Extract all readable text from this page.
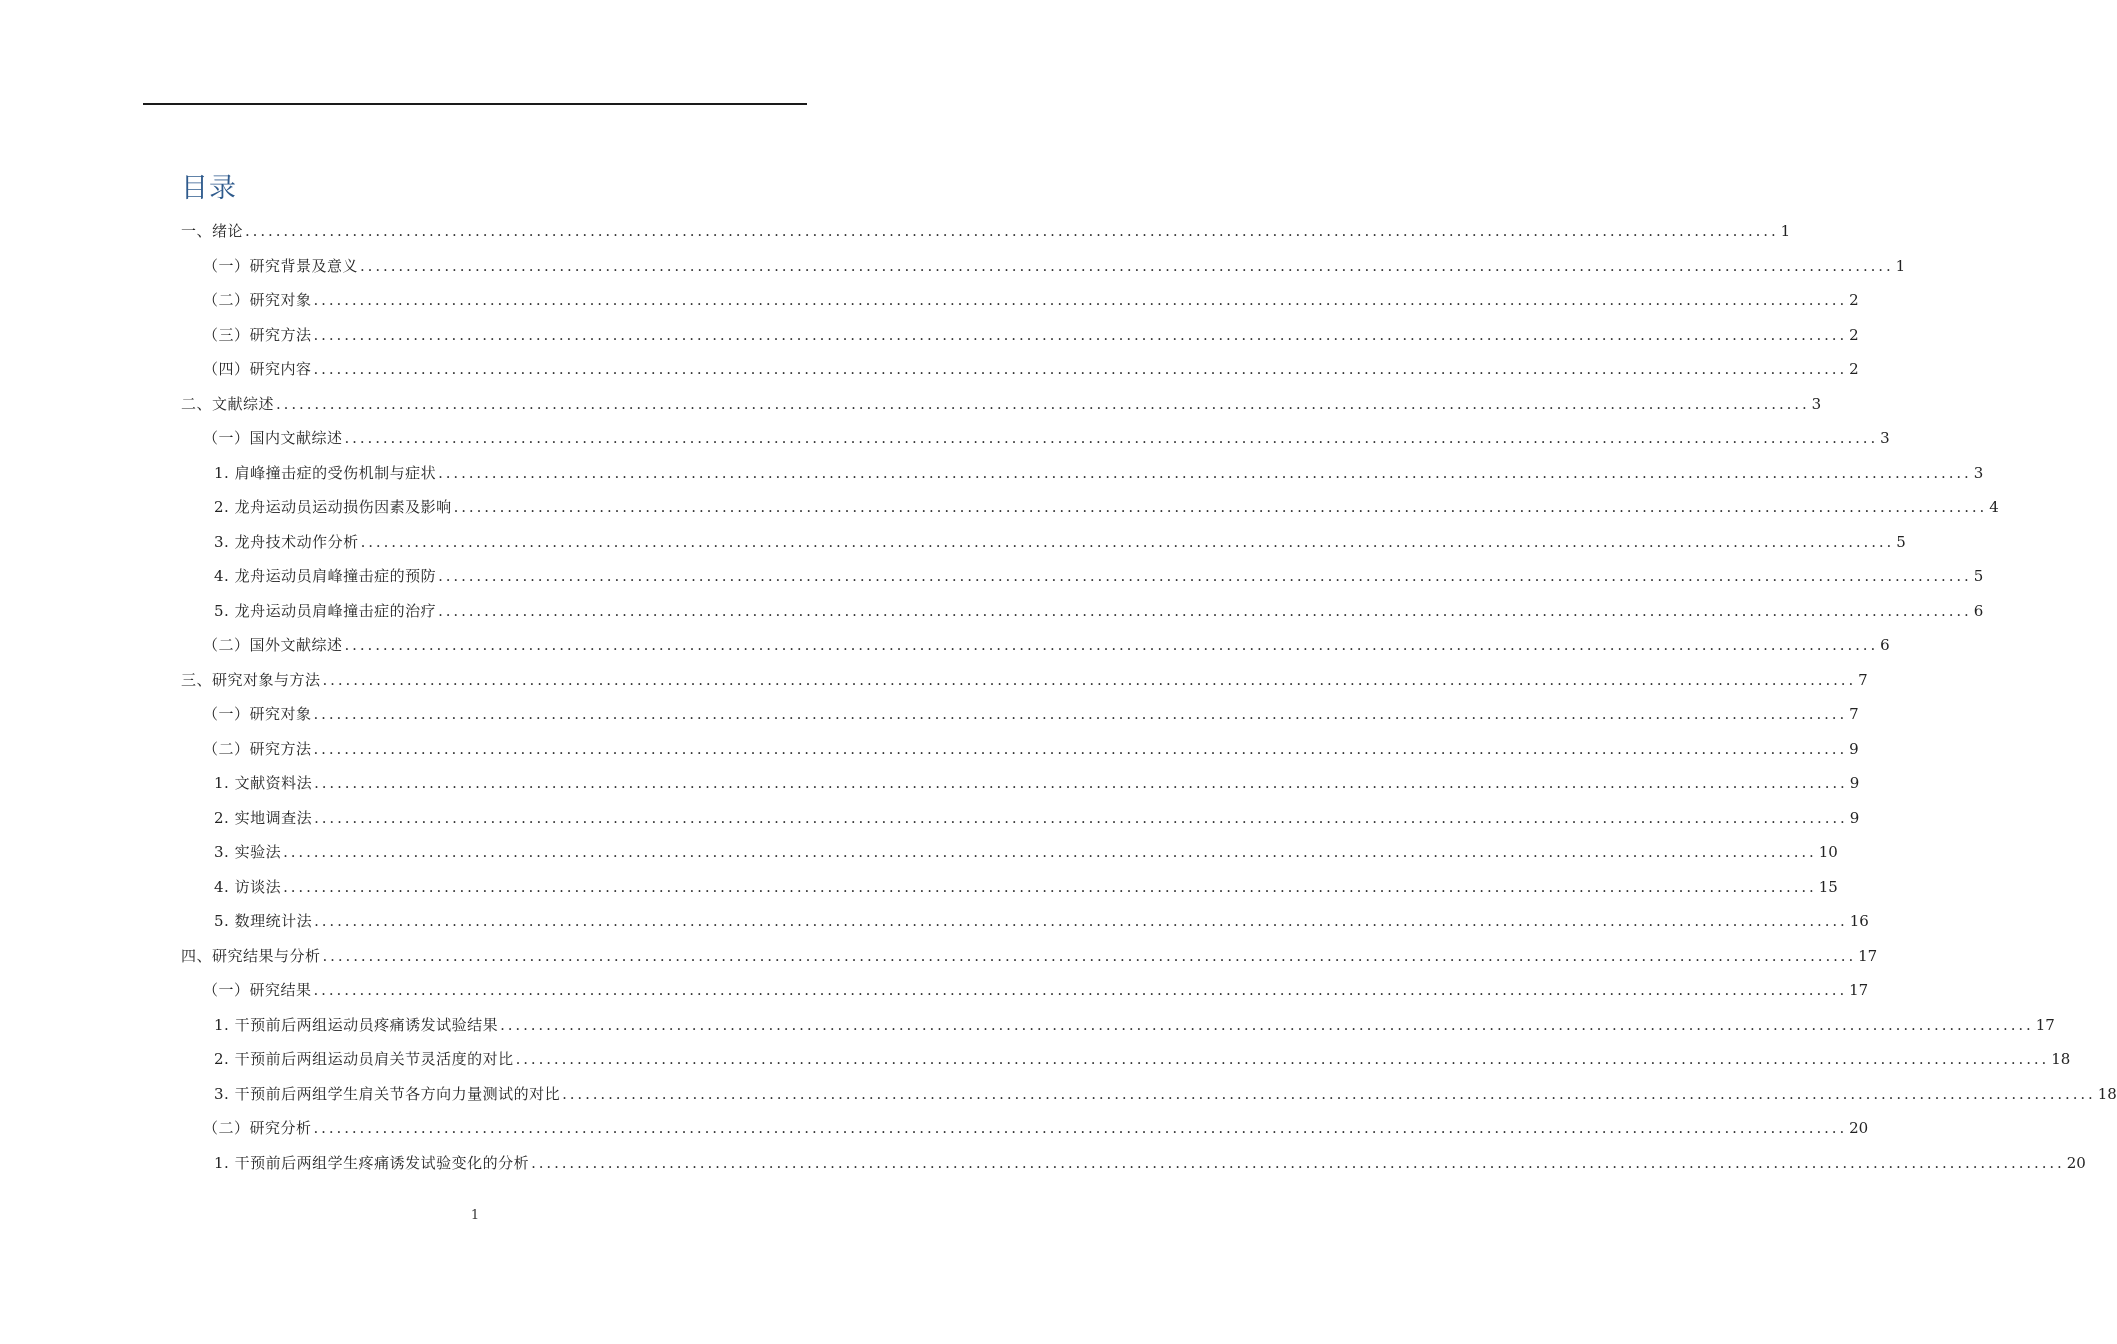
目录
一、绪论 ........................................................................................................................................................................................................ 1
（一）研究背景及意义 ........................................................................................................................................................................................................ 1
（二）研究对象 ........................................................................................................................................................................................................ 2
（三）研究方法 ........................................................................................................................................................................................................ 2
（四）研究内容 ........................................................................................................................................................................................................ 2
二、文献综述 ........................................................................................................................................................................................................ 3
（一）国内文献综述 ........................................................................................................................................................................................................ 3
1. 肩峰撞击症的受伤机制与症状 ........................................................................................................................................................................................................ 3
2. 龙舟运动员运动损伤因素及影响 ........................................................................................................................................................................................................ 4
3. 龙舟技术动作分析 ........................................................................................................................................................................................................ 5
4. 龙舟运动员肩峰撞击症的预防 ........................................................................................................................................................................................................ 5
5. 龙舟运动员肩峰撞击症的治疗 ........................................................................................................................................................................................................ 6
（二）国外文献综述 ........................................................................................................................................................................................................ 6
三、研究对象与方法 ........................................................................................................................................................................................................ 7
（一）研究对象 ........................................................................................................................................................................................................ 7
（二）研究方法 ........................................................................................................................................................................................................ 9
1. 文献资料法 ........................................................................................................................................................................................................ 9
2. 实地调查法 ........................................................................................................................................................................................................ 9
3. 实验法 ........................................................................................................................................................................................................ 10
4. 访谈法 ........................................................................................................................................................................................................ 15
5. 数理统计法 ........................................................................................................................................................................................................ 16
四、研究结果与分析 ........................................................................................................................................................................................................ 17
（一）研究结果 ........................................................................................................................................................................................................ 17
1. 干预前后两组运动员疼痛诱发试验结果 ........................................................................................................................................................................................................ 17
2. 干预前后两组运动员肩关节灵活度的对比 ........................................................................................................................................................................................................ 18
3. 干预前后两组学生肩关节各方向力量测试的对比 ........................................................................................................................................................................................................ 18
（二）研究分析 ........................................................................................................................................................................................................ 20
1. 干预前后两组学生疼痛诱发试验变化的分析 ........................................................................................................................................................................................................ 20
1
